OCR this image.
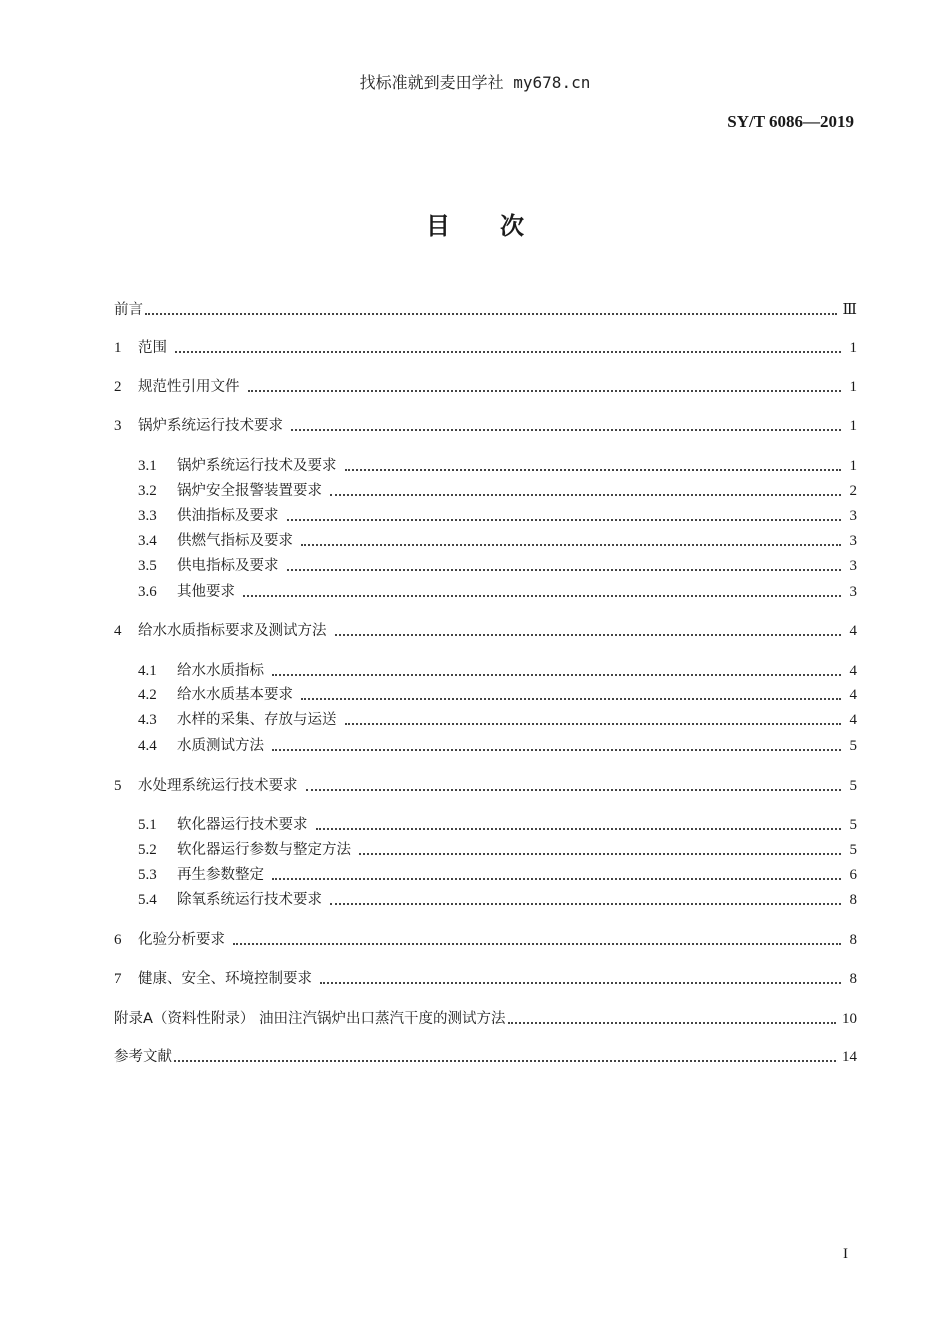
找标准就到麦田学社 my678.cn
SY/T 6086—2019
目次
前言	Ⅲ
1	范围	1
2	规范性引用文件	1
3	锅炉系统运行技术要求	1
3.1	锅炉系统运行技术及要求	1
3.2	锅炉安全报警装置要求	2
3.3	供油指标及要求	3
3.4	供燃气指标及要求	3
3.5	供电指标及要求	3
3.6	其他要求	3
4	给水水质指标要求及测试方法	4
4.1	给水水质指标	4
4.2	给水水质基本要求	4
4.3	水样的采集、存放与运送	4
4.4	水质测试方法	5
5	水处理系统运行技术要求	5
5.1	软化器运行技术要求	5
5.2	软化器运行参数与整定方法	5
5.3	再生参数整定	6
5.4	除氧系统运行技术要求	8
6	化验分析要求	8
7	健康、安全、环境控制要求	8
附录A（资料性附录） 油田注汽锅炉出口蒸汽干度的测试方法	10
参考文献	14
I
